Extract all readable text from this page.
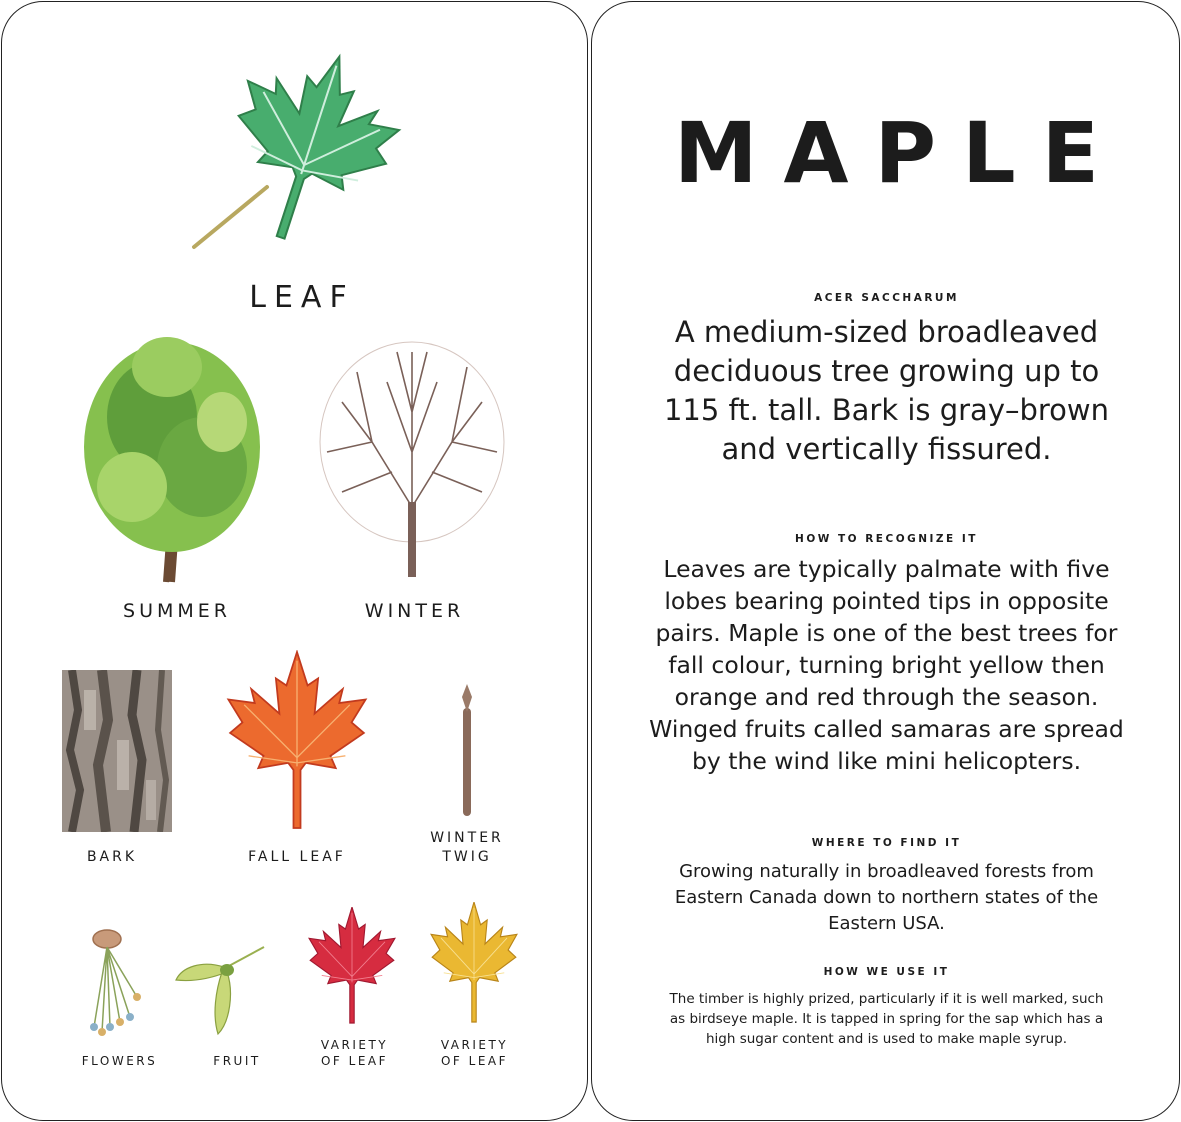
LEAF
SUMMER	WINTER
BARK	FALL LEAF
WINTER
TWIG
FLOWERS	FRUIT
VARIETY
OF LEAF
VARIETY
OF LEAF
MAPLE
ACER SACCHARUM
A medium-sized broadleaved deciduous tree growing up to 115 ft. tall. Bark is gray–brown and vertically fissured.
HOW TO RECOGNIZE IT
Leaves are typically palmate with five lobes bearing pointed tips in opposite pairs. Maple is one of the best trees for fall colour, turning bright yellow then orange and red through the season. Winged fruits called samaras are spread by the wind like mini helicopters.
WHERE TO FIND IT
Growing naturally in broadleaved forests from Eastern Canada down to northern states of the Eastern USA.
HOW WE USE IT
The timber is highly prized, particularly if it is well marked, such as birdseye maple. It is tapped in spring for the sap which has a high sugar content and is used to make maple syrup.
